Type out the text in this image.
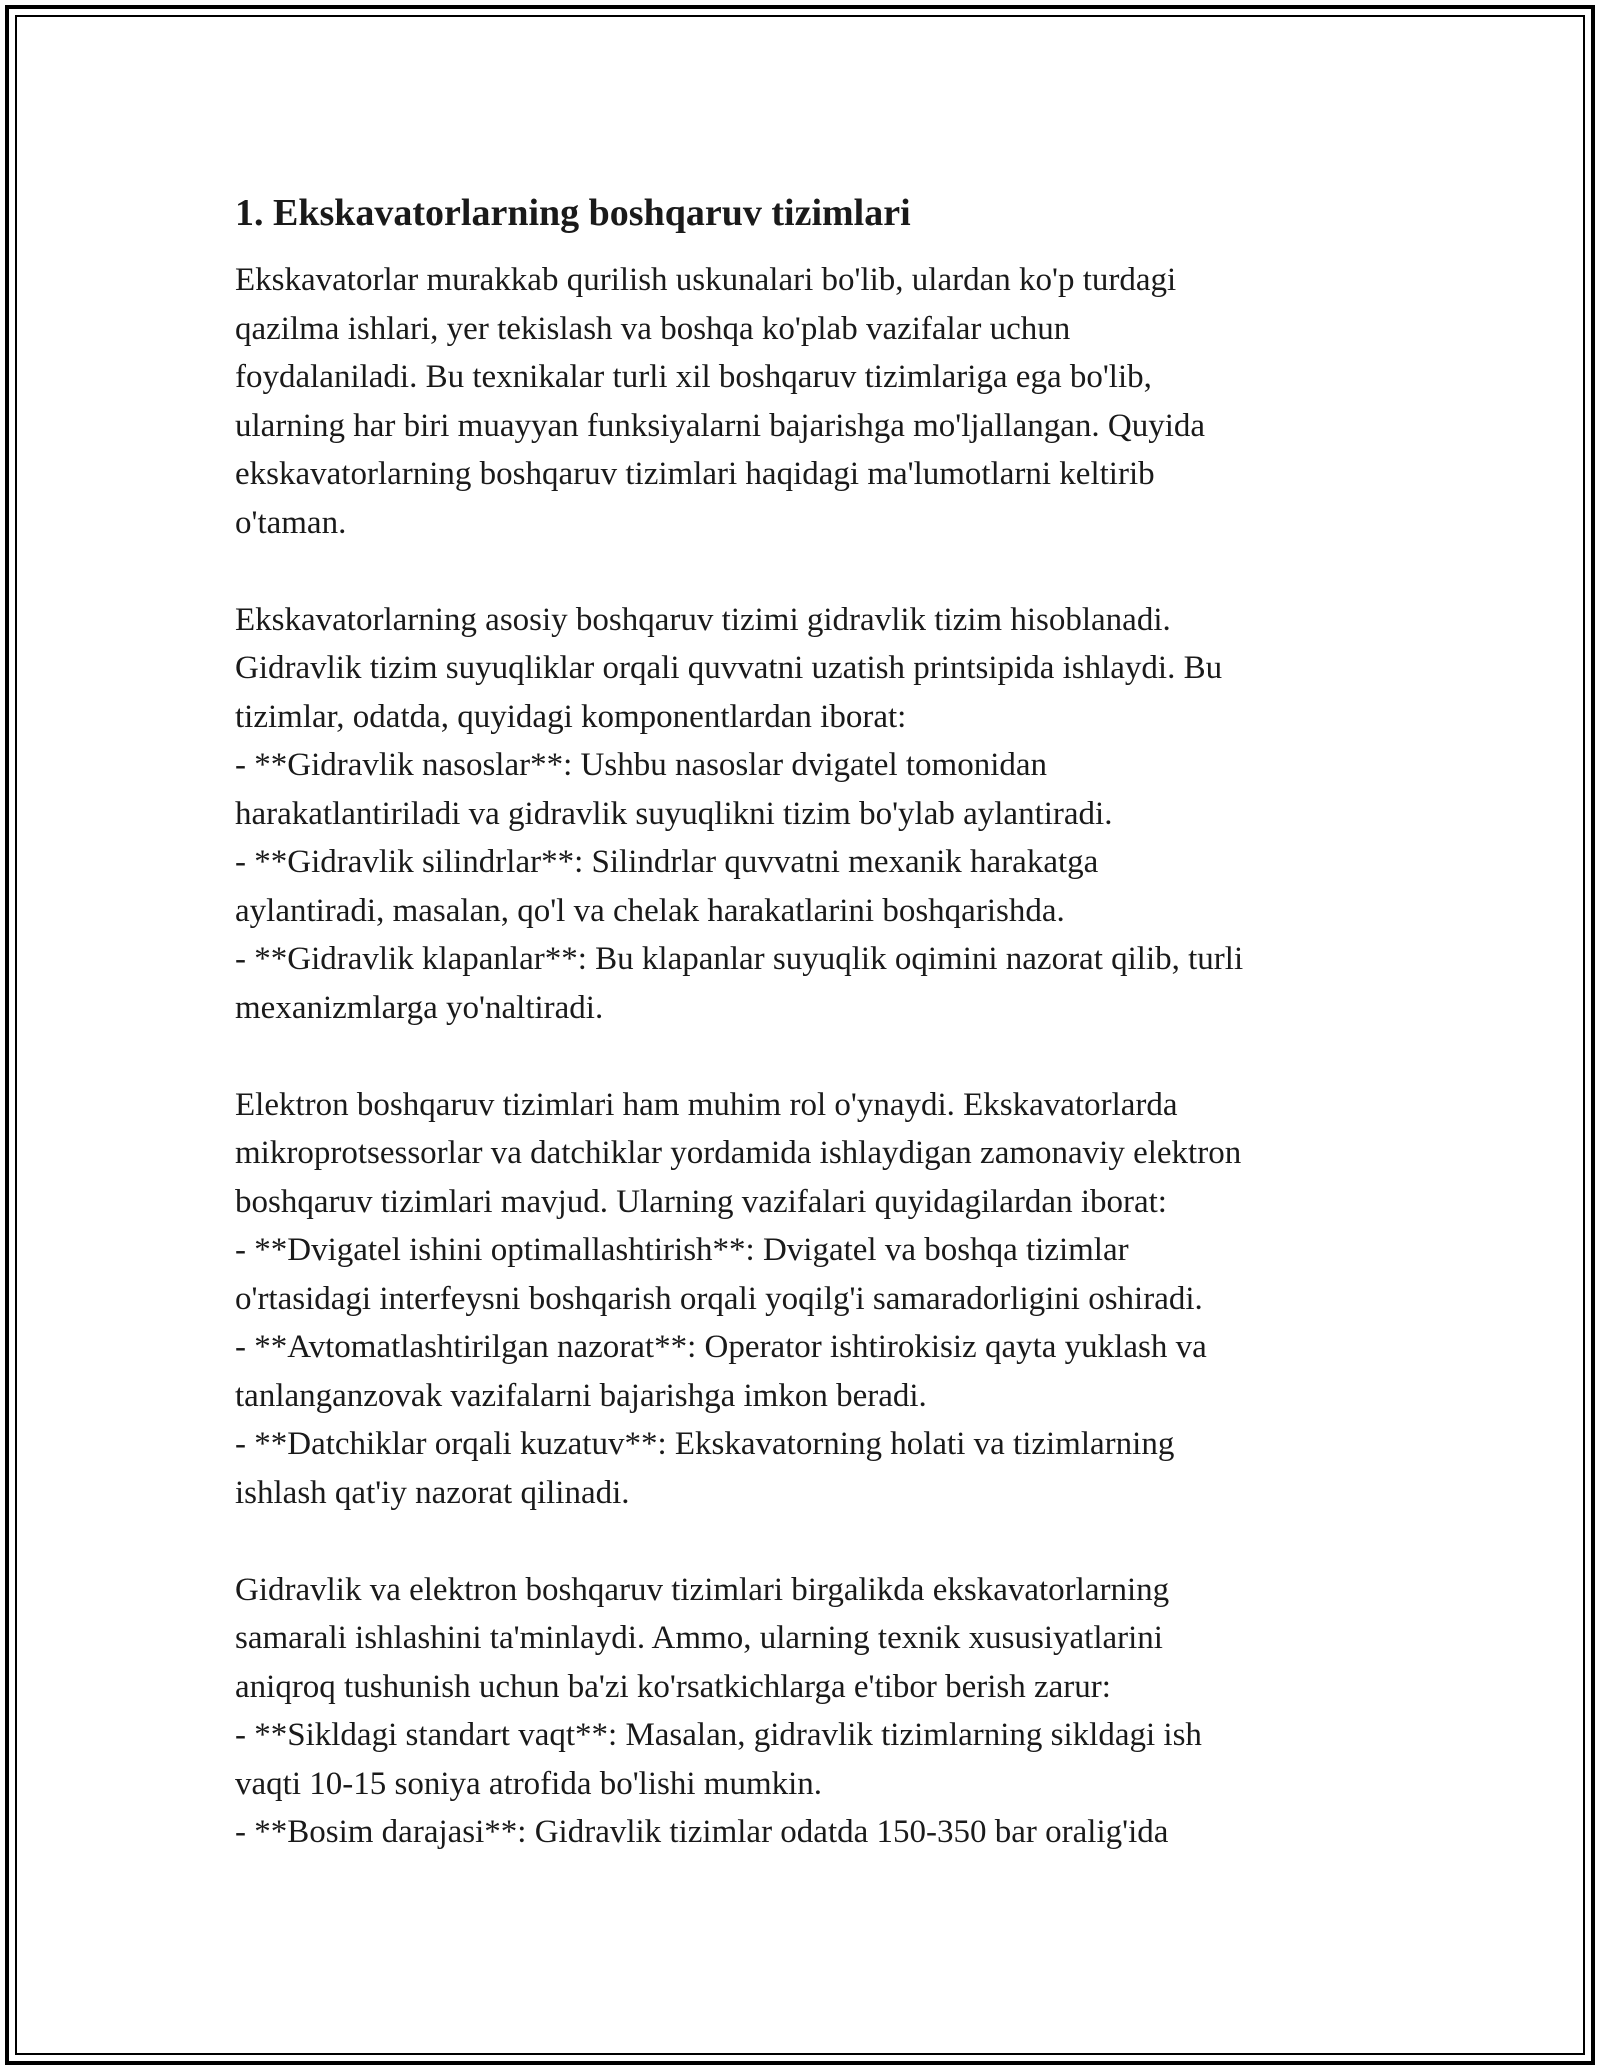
1. Ekskavatorlarning boshqaruv tizimlari
Ekskavatorlar murakkab qurilish uskunalari bo'lib, ulardan ko'p turdagi
qazilma ishlari, yer tekislash va boshqa ko'plab vazifalar uchun
foydalaniladi. Bu texnikalar turli xil boshqaruv tizimlariga ega bo'lib,
ularning har biri muayyan funksiyalarni bajarishga mo'ljallangan. Quyida
ekskavatorlarning boshqaruv tizimlari haqidagi ma'lumotlarni keltirib
o'taman.
Ekskavatorlarning asosiy boshqaruv tizimi gidravlik tizim hisoblanadi.
Gidravlik tizim suyuqliklar orqali quvvatni uzatish printsipida ishlaydi. Bu
tizimlar, odatda, quyidagi komponentlardan iborat:
- **Gidravlik nasoslar**: Ushbu nasoslar dvigatel tomonidan
harakatlantiriladi va gidravlik suyuqlikni tizim bo'ylab aylantiradi.
- **Gidravlik silindrlar**: Silindrlar quvvatni mexanik harakatga
aylantiradi, masalan, qo'l va chelak harakatlarini boshqarishda.
- **Gidravlik klapanlar**: Bu klapanlar suyuqlik oqimini nazorat qilib, turli
mexanizmlarga yo'naltiradi.
Elektron boshqaruv tizimlari ham muhim rol o'ynaydi. Ekskavatorlarda
mikroprotsessorlar va datchiklar yordamida ishlaydigan zamonaviy elektron
boshqaruv tizimlari mavjud. Ularning vazifalari quyidagilardan iborat:
- **Dvigatel ishini optimallashtirish**: Dvigatel va boshqa tizimlar
o'rtasidagi interfeysni boshqarish orqali yoqilg'i samaradorligini oshiradi.
- **Avtomatlashtirilgan nazorat**: Operator ishtirokisiz qayta yuklash va
tanlanganzovak vazifalarni bajarishga imkon beradi.
- **Datchiklar orqali kuzatuv**: Ekskavatorning holati va tizimlarning
ishlash qat'iy nazorat qilinadi.
Gidravlik va elektron boshqaruv tizimlari birgalikda ekskavatorlarning
samarali ishlashini ta'minlaydi. Ammo, ularning texnik xususiyatlarini
aniqroq tushunish uchun ba'zi ko'rsatkichlarga e'tibor berish zarur:
- **Sikldagi standart vaqt**: Masalan, gidravlik tizimlarning sikldagi ish
vaqti 10-15 soniya atrofida bo'lishi mumkin.
- **Bosim darajasi**: Gidravlik tizimlar odatda 150-350 bar oralig'ida
